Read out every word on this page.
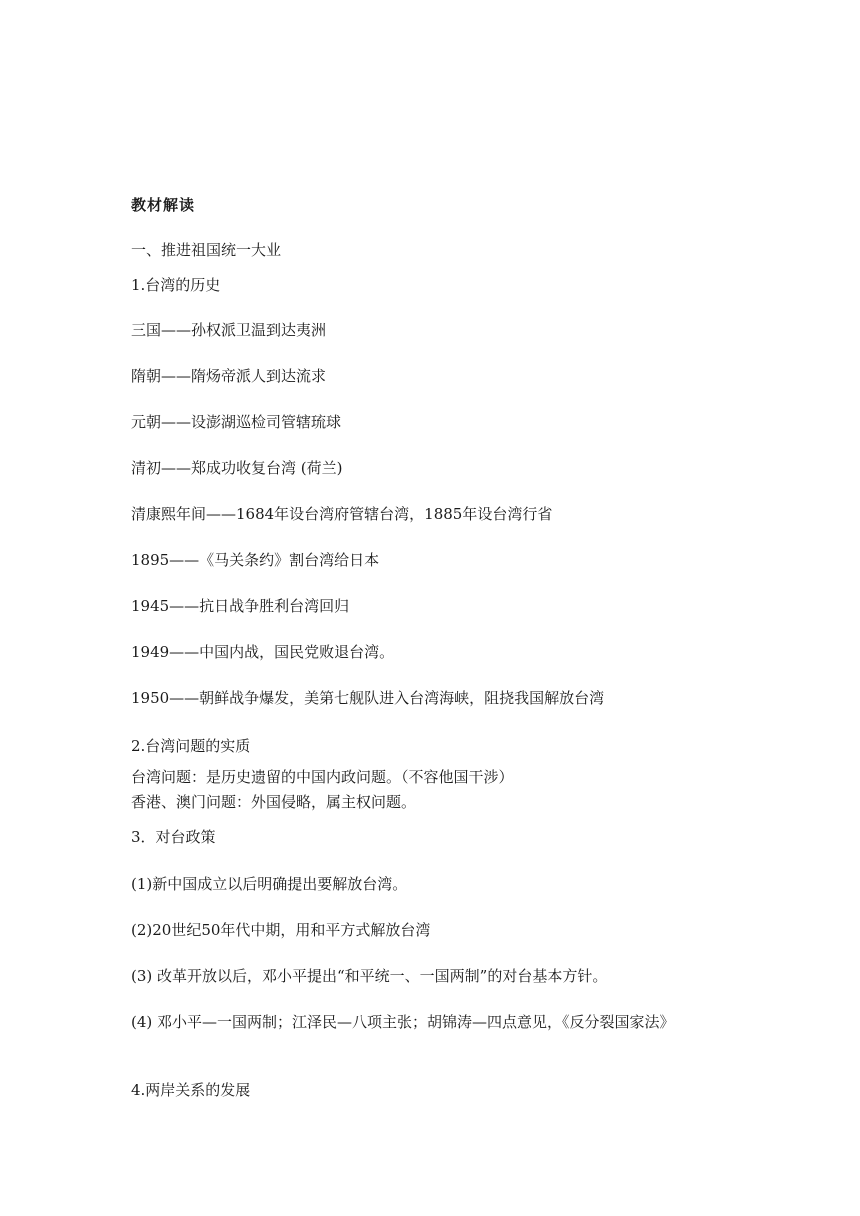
教材解读
一、推进祖国统一大业
1.台湾的历史
三国——孙权派卫温到达夷洲
隋朝——隋炀帝派人到达流求
元朝——设澎湖巡检司管辖琉球
清初——郑成功收复台湾 (荷兰)
清康熙年间——1684年设台湾府管辖台湾，1885年设台湾行省
1895——《马关条约》割台湾给日本
1945——抗日战争胜利台湾回归
1949——中国内战，国民党败退台湾。
1950——朝鲜战争爆发，美第七舰队进入台湾海峡，阻挠我国解放台湾
2.台湾问题的实质
台湾问题：是历史遗留的中国内政问题。（不容他国干涉）
香港、澳门问题：外国侵略，属主权问题。
3．对台政策
(1)新中国成立以后明确提出要解放台湾。
(2)20世纪50年代中期，用和平方式解放台湾
(3) 改革开放以后，邓小平提出“和平统一、一国两制”的对台基本方针。
(4) 邓小平—一国两制；江泽民—八项主张；胡锦涛—四点意见，《反分裂国家法》
4.两岸关系的发展
